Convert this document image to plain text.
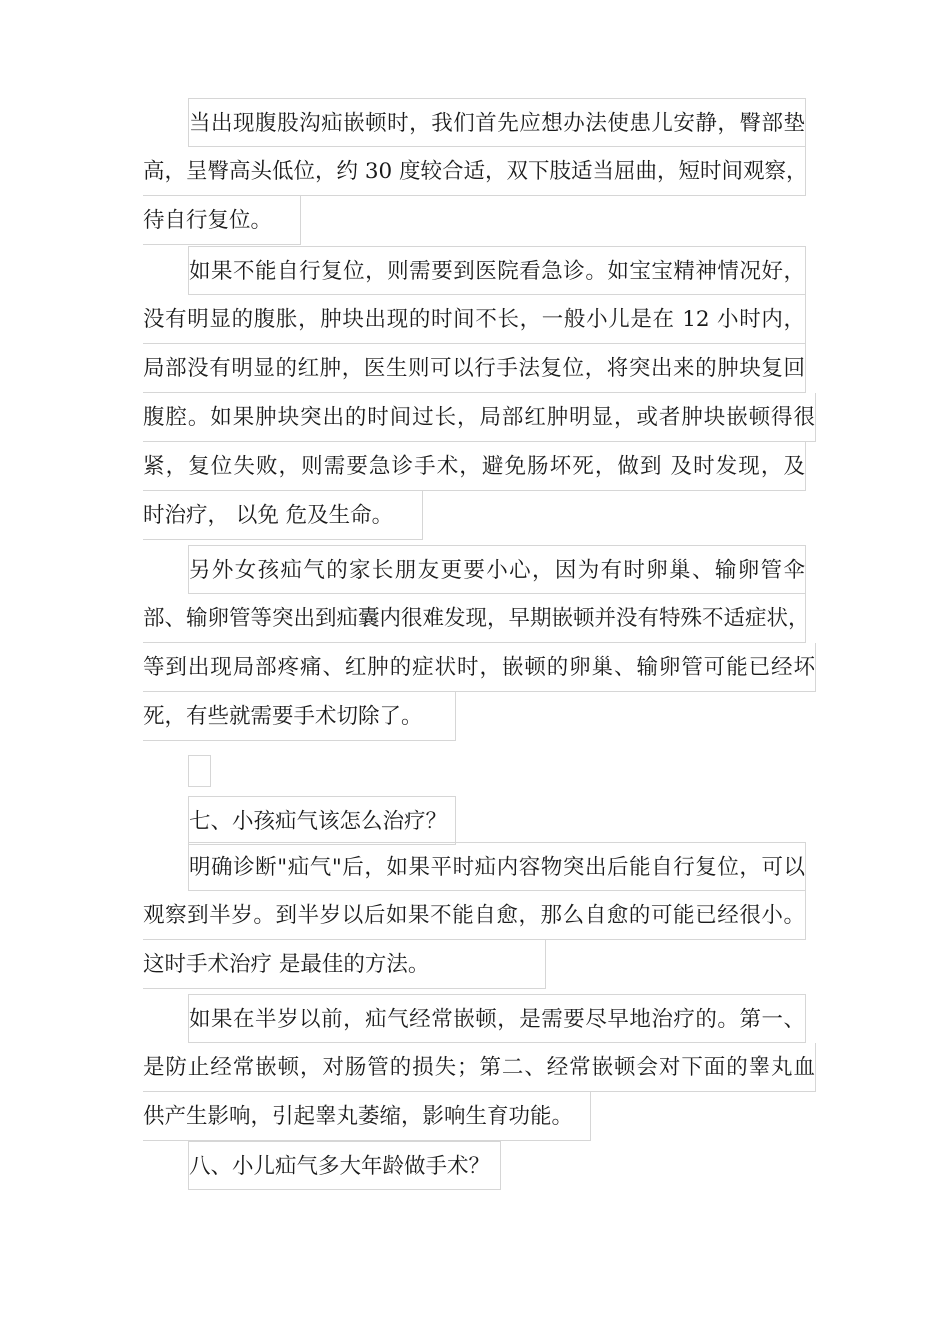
当出现腹股沟疝嵌顿时，我们首先应想办法使患儿安静，臀部垫
高，呈臀高头低位，约 30 度较合适，双下肢适当屈曲，短时间观察，
待自行复位。
如果不能自行复位，则需要到医院看急诊。如宝宝精神情况好，
没有明显的腹胀，肿块出现的时间不长，一般小儿是在 12 小时内，
局部没有明显的红肿，医生则可以行手法复位，将突出来的肿块复回
腹腔。如果肿块突出的时间过长，局部红肿明显，或者肿块嵌顿得很
紧，复位失败，则需要急诊手术，避免肠坏死，做到 及时发现，及
时治疗， 以免 危及生命。
另外女孩疝气的家长朋友更要小心，因为有时卵巢、输卵管伞
部、输卵管等突出到疝囊内很难发现，早期嵌顿并没有特殊不适症状，
等到出现局部疼痛、红肿的症状时，嵌顿的卵巢、输卵管可能已经坏
死，有些就需要手术切除了。
七、小孩疝气该怎么治疗？
明确诊断"疝气"后，如果平时疝内容物突出后能自行复位，可以
观察到半岁。到半岁以后如果不能自愈，那么自愈的可能已经很小。
这时手术治疗 是最佳的方法。
如果在半岁以前，疝气经常嵌顿，是需要尽早地治疗的。第一、
是防止经常嵌顿，对肠管的损失；第二、经常嵌顿会对下面的睾丸血
供产生影响，引起睾丸萎缩，影响生育功能。
八、小儿疝气多大年龄做手术？
